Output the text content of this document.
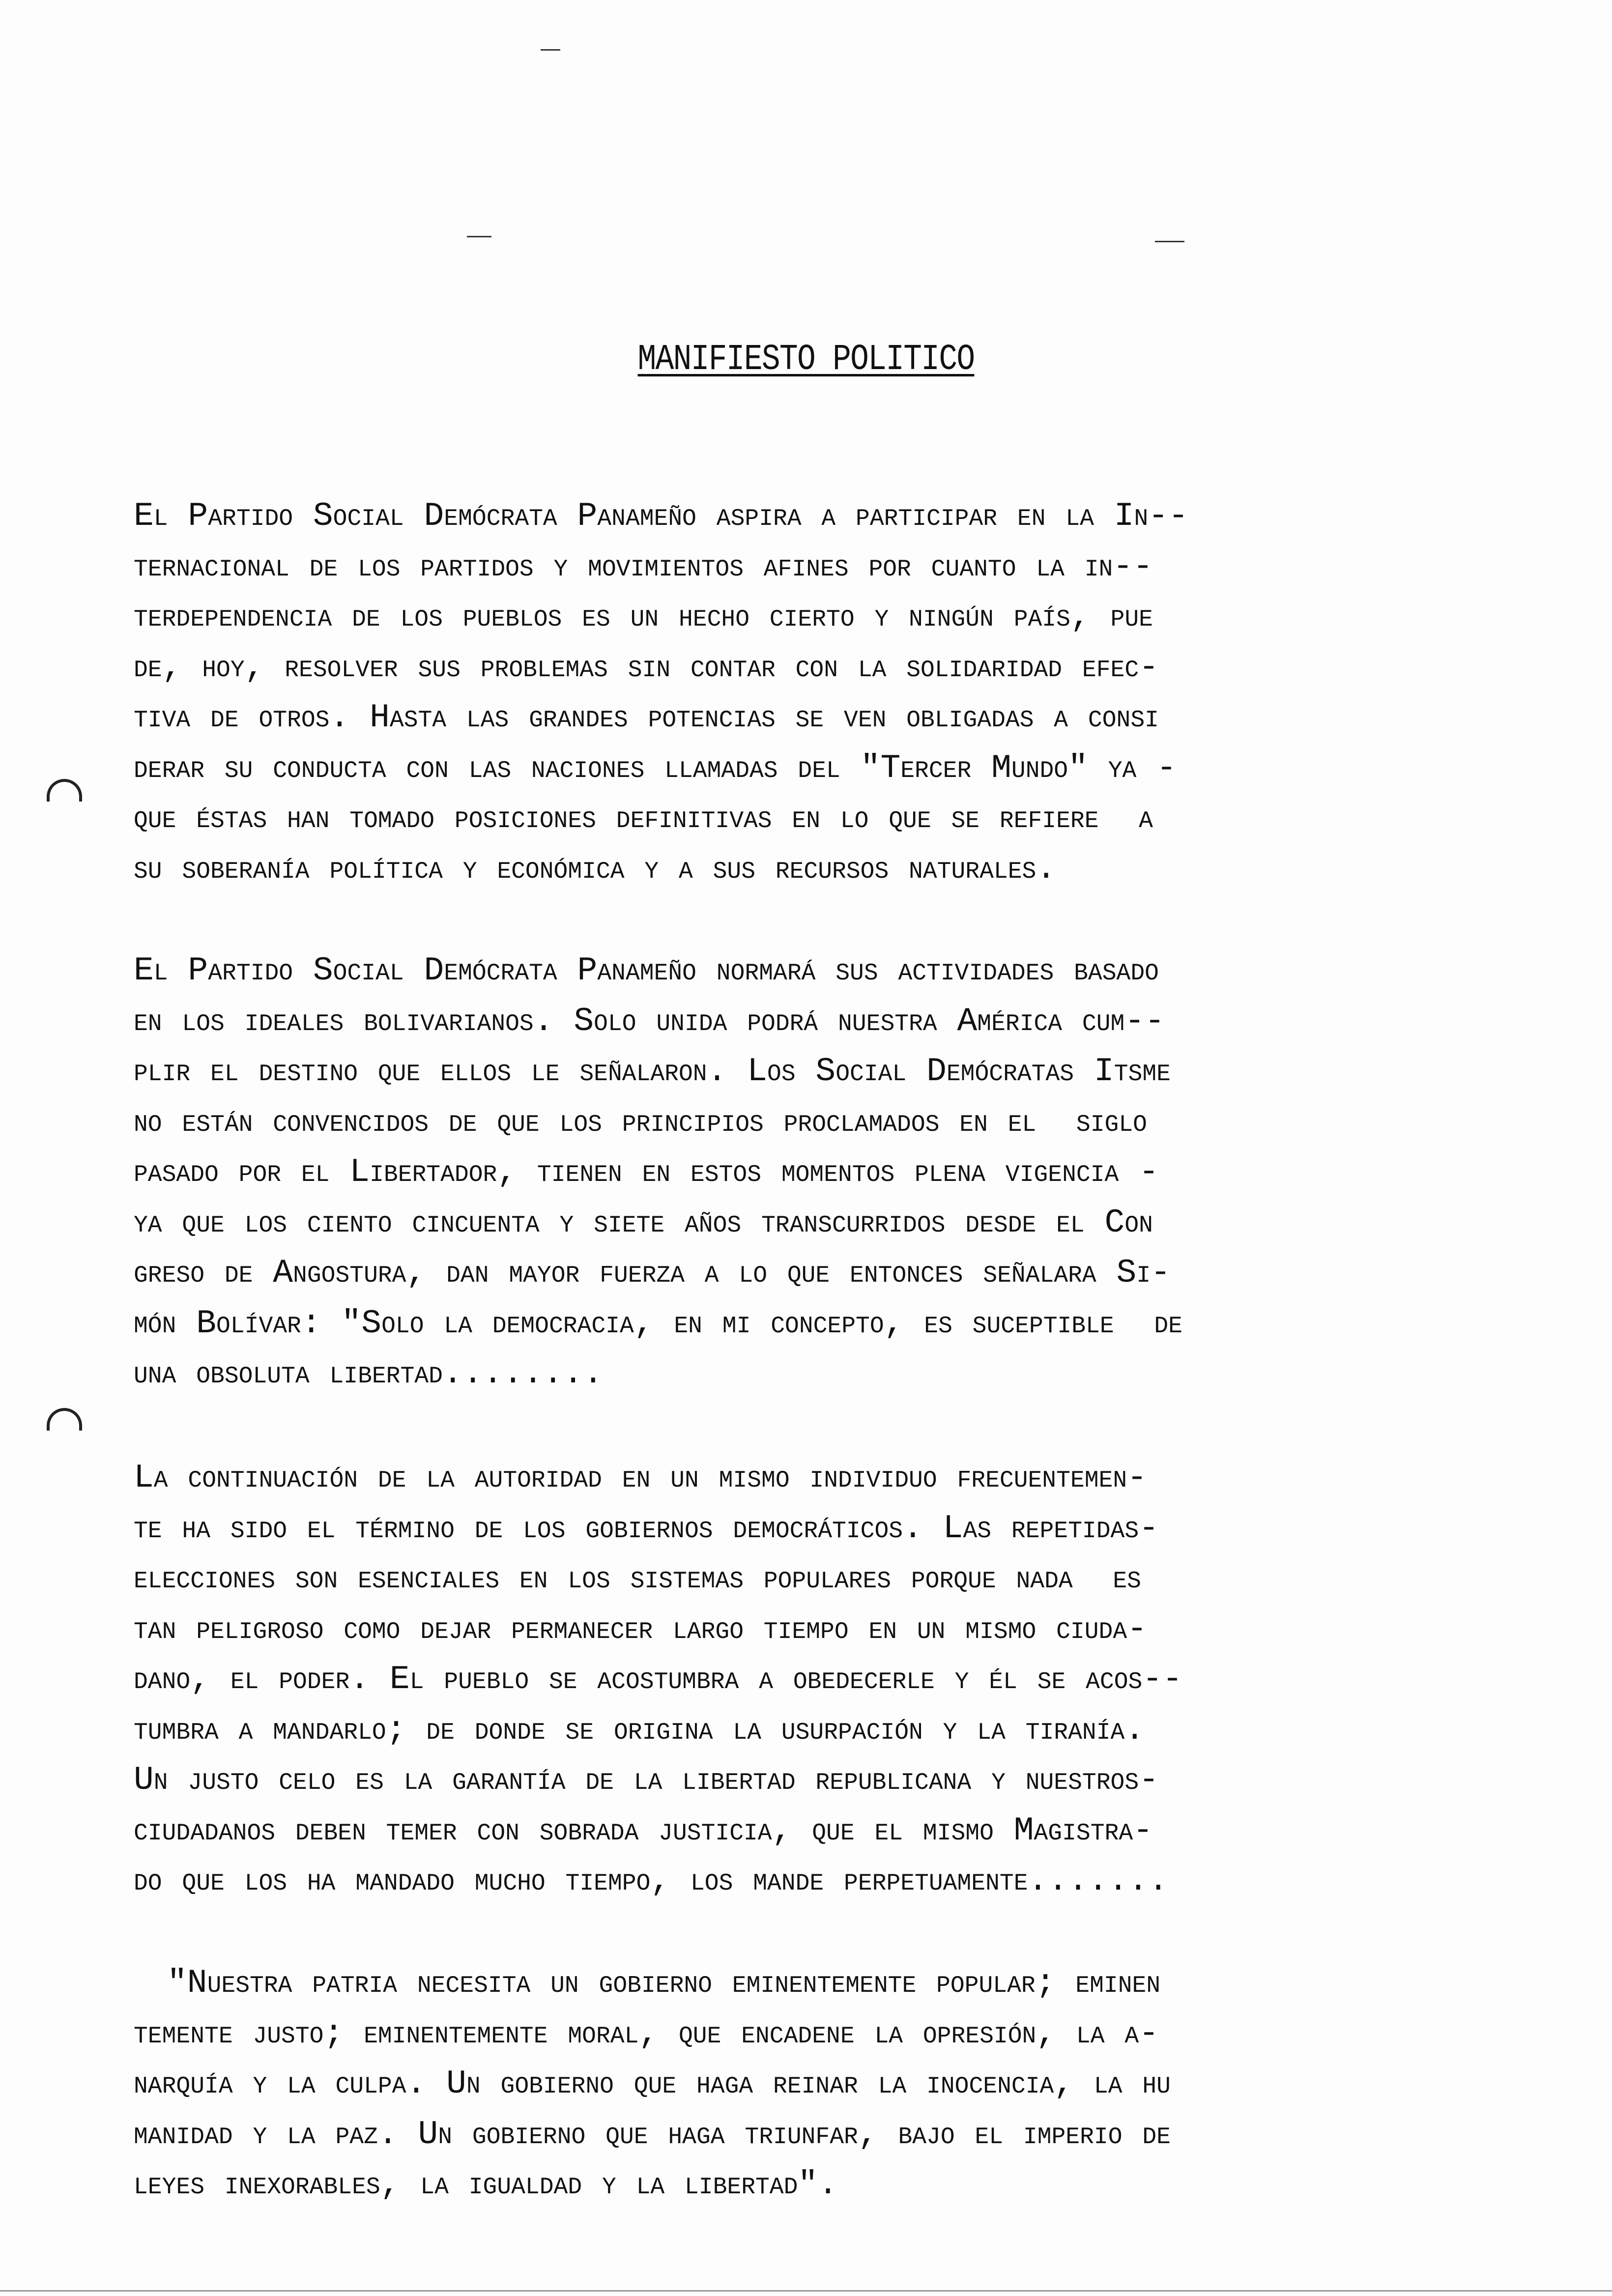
MANIFIESTO POLITICO
El Partido Social Demócrata Panameño aspira a participar en la In--
ternacional de los partidos y movimientos afines por cuanto la in--
terdependencia de los pueblos es un hecho cierto y ningún país, pue
de, hoy, resolver sus problemas sin contar con la solidaridad efec-
tiva de otros. Hasta las grandes potencias se ven obligadas a consi
derar su conducta con las naciones llamadas del "Tercer Mundo" ya -
que éstas han tomado posiciones definitivas en lo que se refiere  a
su soberanía política y económica y a sus recursos naturales.
El Partido Social Demócrata Panameño normará sus actividades basado
en los ideales bolivarianos. Solo unida podrá nuestra América cum--
plir el destino que ellos le señalaron. Los Social Demócratas Itsme
no están convencidos de que los principios proclamados en el  siglo
pasado por el Libertador, tienen en estos momentos plena vigencia -
ya que los ciento cincuenta y siete años transcurridos desde el Con
greso de Angostura, dan mayor fuerza a lo que entonces señalara Si-
món Bolívar: "Solo la democracia, en mi concepto, es suceptible  de
una obsoluta libertad........
La continuación de la autoridad en un mismo individuo frecuentemen-
te ha sido el término de los gobiernos democráticos. Las repetidas-
elecciones son esenciales en los sistemas populares porque nada  es
tan peligroso como dejar permanecer largo tiempo en un mismo ciuda-
dano, el poder. El pueblo se acostumbra a obedecerle y él se acos--
tumbra a mandarlo; de donde se origina la usurpación y la tiranía.
Un justo celo es la garantía de la libertad republicana y nuestros-
ciudadanos deben temer con sobrada justicia, que el mismo Magistra-
do que los ha mandado mucho tiempo, los mande perpetuamente.......
"Nuestra patria necesita un gobierno eminentemente popular; eminen
temente justo; eminentemente moral, que encadene la opresión, la a-
narquía y la culpa. Un gobierno que haga reinar la inocencia, la hu
manidad y la paz. Un gobierno que haga triunfar, bajo el imperio de
leyes inexorables, la igualdad y la libertad".
